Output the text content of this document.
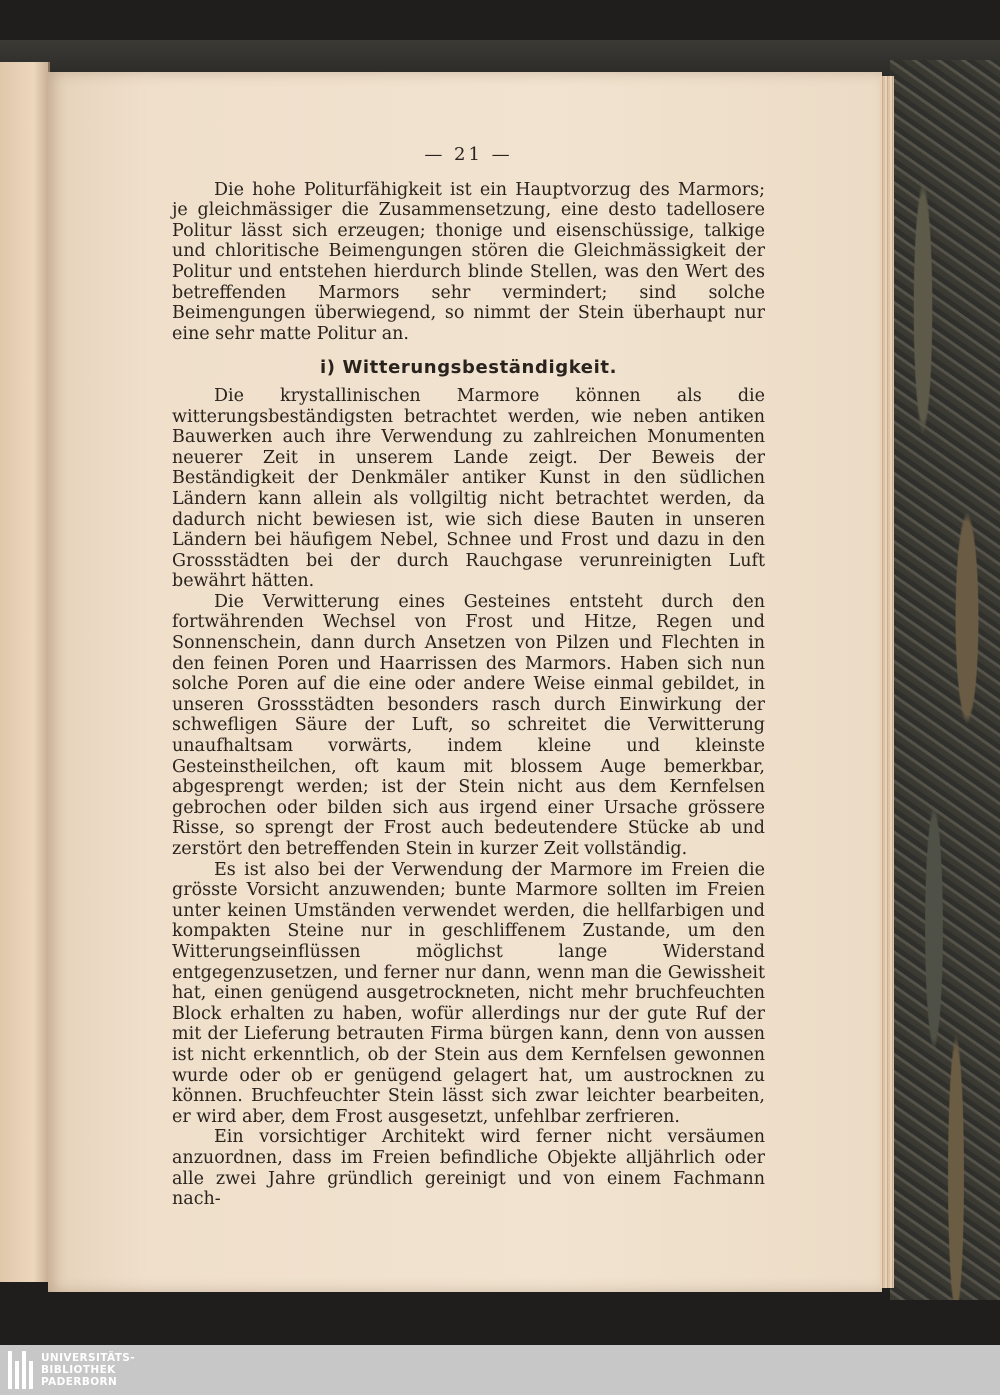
— 21 —

Die hohe Politurfähigkeit ist ein Hauptvorzug des Marmors; je gleichmässiger die Zusammensetzung, eine desto tadellosere Politur lässt sich erzeugen; thonige und eisenschüssige, talkige und chloritische Beimengungen stören die Gleichmässigkeit der Politur und entstehen hierdurch blinde Stellen, was den Wert des betreffenden Marmors sehr vermindert; sind solche Beimengungen überwiegend, so nimmt der Stein überhaupt nur eine sehr matte Politur an.

i) Witterungsbeständigkeit.

Die krystallinischen Marmore können als die witterungsbeständigsten betrachtet werden, wie neben antiken Bauwerken auch ihre Verwendung zu zahlreichen Monumenten neuerer Zeit in unserem Lande zeigt. Der Beweis der Beständigkeit der Denkmäler antiker Kunst in den südlichen Ländern kann allein als vollgiltig nicht betrachtet werden, da dadurch nicht bewiesen ist, wie sich diese Bauten in unseren Ländern bei häufigem Nebel, Schnee und Frost und dazu in den Grossstädten bei der durch Rauchgase verunreinigten Luft bewährt hätten.

Die Verwitterung eines Gesteines entsteht durch den fortwährenden Wechsel von Frost und Hitze, Regen und Sonnenschein, dann durch Ansetzen von Pilzen und Flechten in den feinen Poren und Haarrissen des Marmors. Haben sich nun solche Poren auf die eine oder andere Weise einmal gebildet, in unseren Grossstädten besonders rasch durch Einwirkung der schwefligen Säure der Luft, so schreitet die Verwitterung unaufhaltsam vorwärts, indem kleine und kleinste Gesteinstheilchen, oft kaum mit blossem Auge bemerkbar, abgesprengt werden; ist der Stein nicht aus dem Kernfelsen gebrochen oder bilden sich aus irgend einer Ursache grössere Risse, so sprengt der Frost auch bedeutendere Stücke ab und zerstört den betreffenden Stein in kurzer Zeit vollständig.

Es ist also bei der Verwendung der Marmore im Freien die grösste Vorsicht anzuwenden; bunte Marmore sollten im Freien unter keinen Umständen verwendet werden, die hellfarbigen und kompakten Steine nur in geschliffenem Zustande, um den Witterungseinflüssen möglichst lange Widerstand entgegenzusetzen, und ferner nur dann, wenn man die Gewissheit hat, einen genügend ausgetrockneten, nicht mehr bruchfeuchten Block erhalten zu haben, wofür allerdings nur der gute Ruf der mit der Lieferung betrauten Firma bürgen kann, denn von aussen ist nicht erkenntlich, ob der Stein aus dem Kernfelsen gewonnen wurde oder ob er genügend gelagert hat, um austrocknen zu können. Bruchfeuchter Stein lässt sich zwar leichter bearbeiten, er wird aber, dem Frost ausgesetzt, unfehlbar zerfrieren.

Ein vorsichtiger Architekt wird ferner nicht versäumen anzuordnen, dass im Freien befindliche Objekte alljährlich oder alle zwei Jahre gründlich gereinigt und von einem Fachmann nach-

UNIVERSITÄTS-
BIBLIOTHEK
PADERBORN
